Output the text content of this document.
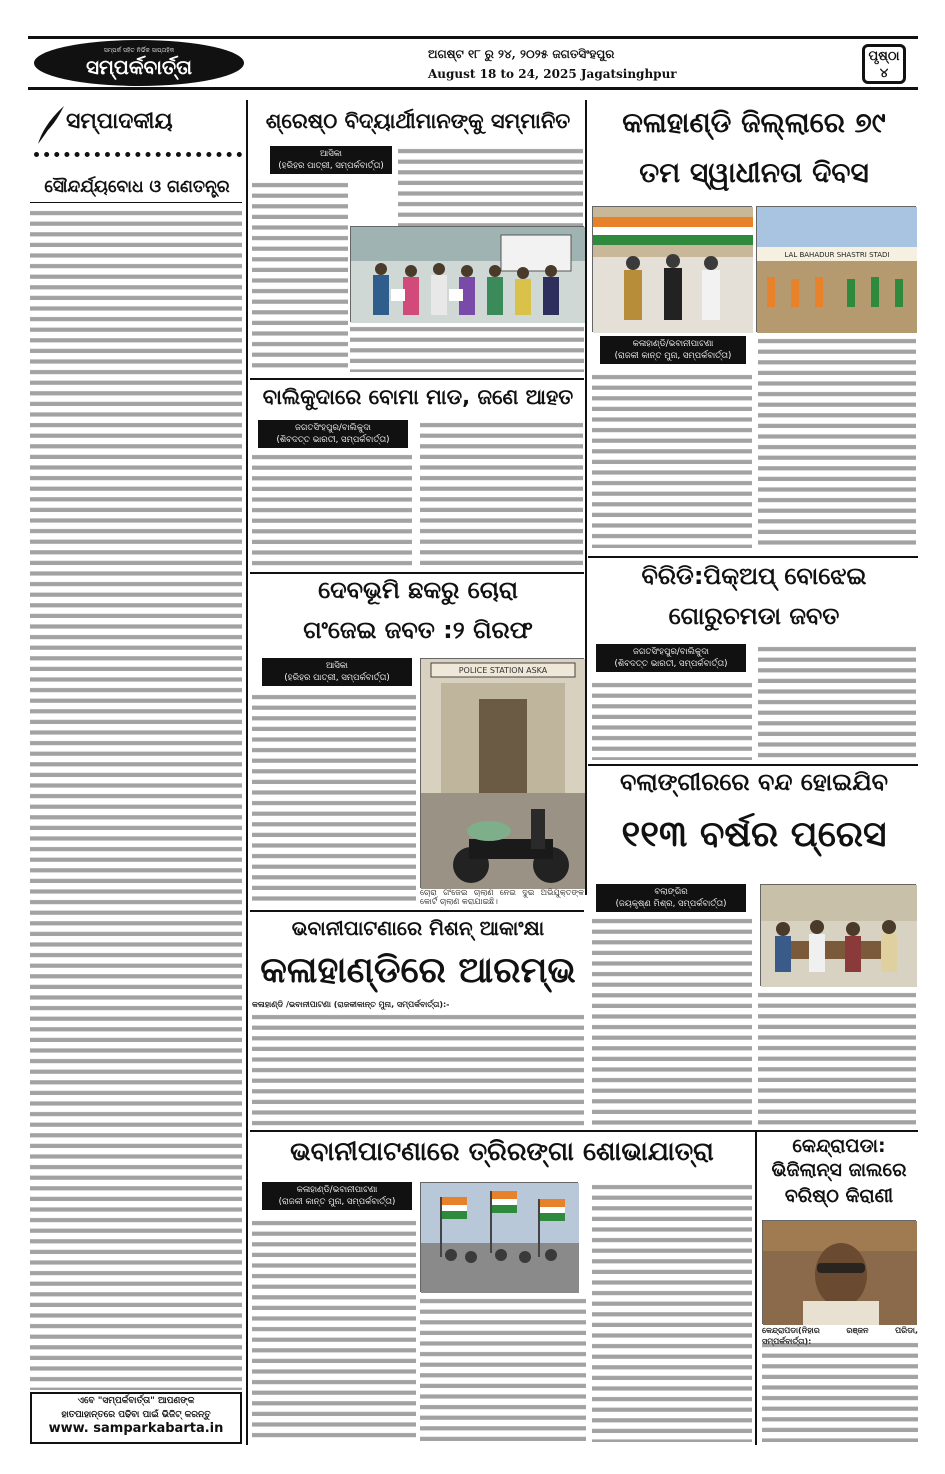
ସମ୍ପର୍କ ସହିତ ନିର୍ଭିକ ସାପ୍ତାହିକ
ସମ୍ପର୍କବାର୍ତ୍ତା
ଅଗଷ୍ଟ ୧୮ ରୁ ୨୪, ୨୦୨୫ ଜଗତସିଂହପୁର
August 18 to 24, 2025 Jagatsinghpur
ପୃଷ୍ଠା
୪
ସମ୍ପାଦକୀୟ
ସୌନ୍ଦର୍ଯ୍ୟବୋଧ ଓ ଗଣତନ୍ତ୍ର
ଏବେ "ସମ୍ପର୍କବାର୍ତ୍ତା" ଆପଣଙ୍କ
ହାତପାହାନ୍ତରେ ପଢିବା ପାଇଁ ଭିଜିଟ୍ କରନ୍ତୁ
www. samparkabarta.in
ଶ୍ରେଷ୍ଠ ବିଦ୍ୟାର୍ଥୀମାନଙ୍କୁ ସମ୍ମାନିତ
ଆସିକା
(ହରିହର ପାତ୍ରୀ, ସମ୍ପର୍କବାର୍ତ୍ତା)
ବାଲିକୁଦାରେ ବୋମା ମାଡ, ଜଣେ ଆହତ
ଜଗତସିଂହପୁର/ବାଲିକୁଦା
(ଶିବଦତ୍ତ ଭାରତୀ, ସମ୍ପର୍କବାର୍ତ୍ତା)
ଦେବଭୂମି ଛକରୁ ଚୋରା
ଗଂଜେଇ ଜବତ :୨ ଗିରଫ
ଆସିକା
(ହରିହର ପାତ୍ରୀ, ସମ୍ପର୍କବାର୍ତ୍ତା)
POLICE STATION ASKA
ଚୋରା ଗଂଜେଇ ଚାଲାଣ ନେଇ ଦୁଇ ଅଭିଯୁକ୍ତଙ୍କ କୋର୍ଟ ଚାଲାଣ କରାଯାଇଛି।
କଳାହାଣ୍ଡି ଜିଲ୍ଲାରେ ୭୯
ତମ ସ୍ୱାଧୀନତା ଦିବସ
LAL BAHADUR SHASTRI STADI
କଳାହାଣ୍ଡି/ଭବାନୀପାଟଣା
(ରାଜକୀ କାନ୍ତ ମୁନା, ସମ୍ପର୍କବାର୍ତ୍ତା)
ବିରିଡି:ପିକ୍ଅପ୍ ବୋଝେଇ
ଗୋରୁଚମଡା ଜବତ
ଜଗତସିଂହପୁର/ବାଲିକୁଦା
(ଶିବଦତ୍ତ ଭାରତୀ, ସମ୍ପର୍କବାର୍ତ୍ତା)
ବଲାଙ୍ଗୀରରେ ବନ୍ଦ ହୋଇଯିବ
୧୧୩ ବର୍ଷର ପ୍ରେସ
ବଲାଙ୍ଗିର
(ଜୟକୃଷ୍ଣ ମିଶ୍ର, ସମ୍ପର୍କବାର୍ତ୍ତା)
ଭବାନୀପାଟଣାରେ ମିଶନ୍ ଆକାଂକ୍ଷା
କଳାହାଣ୍ଡିରେ ଆରମ୍ଭ
କଳାହାଣ୍ଡି /ଭବାନୀପାଟଣା (ରାଜକୀକାନ୍ତ ମୁନା, ସମ୍ପର୍କବାର୍ତ୍ତା):-
ଭବାନୀପାଟଣାରେ ତ୍ରିରଙ୍ଗା ଶୋଭାଯାତ୍ରା
କଳାହାଣ୍ଡି/ଭବାନୀପାଟଣା
(ରାଜକୀ କାନ୍ତ ମୁନା, ସମ୍ପର୍କବାର୍ତ୍ତା)
କେନ୍ଦ୍ରାପଡା:
ଭିଜିଲାନ୍ସ ଜାଲରେ
ବରିଷ୍ଠ କିରାଣୀ
କେନ୍ଦ୍ରାପଡା(ନିହାର ରଞ୍ଜନ ପରିଡା,
